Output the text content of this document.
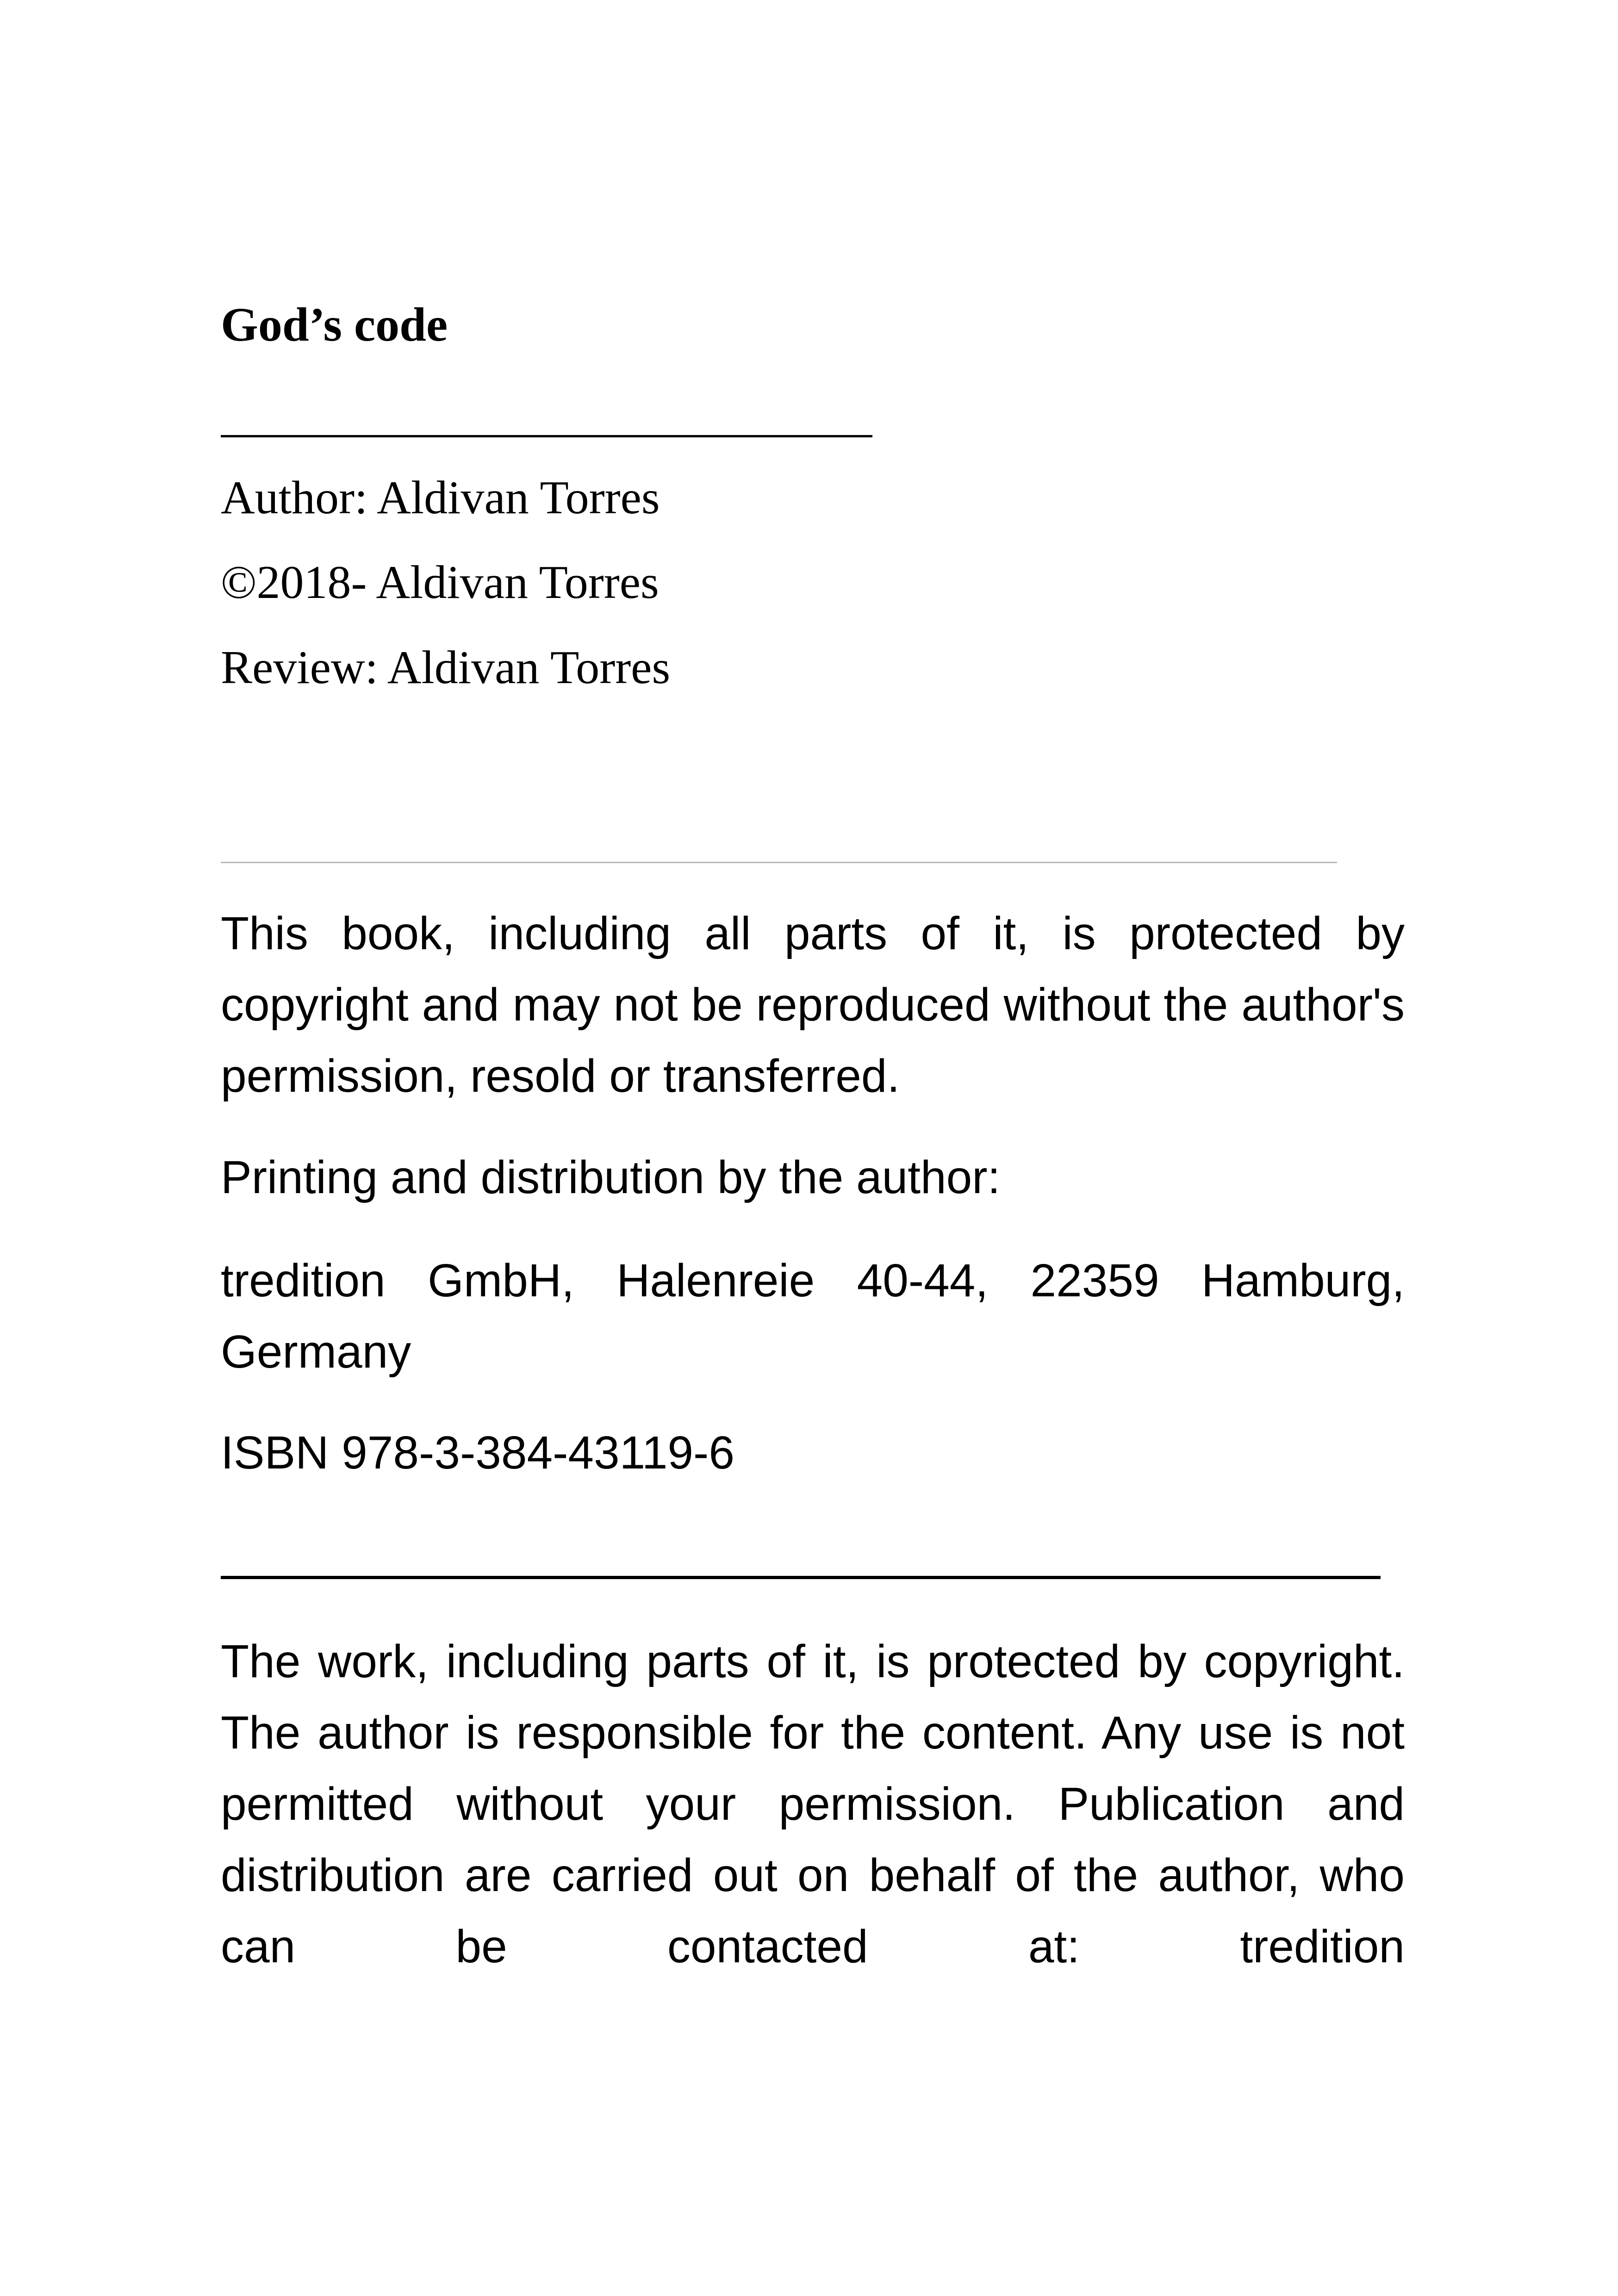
God’s code

Author: Aldivan Torres

©2018- Aldivan Torres

Review: Aldivan Torres

This book, including all parts of it, is protected by copyright and may not be reproduced without the author's permission, resold or transferred.

Printing and distribution by the author:

tredition GmbH, Halenreie 40-44, 22359 Hamburg, Germany

ISBN 978-3-384-43119-6

The work, including parts of it, is protected by copyright. The author is responsible for the content. Any use is not permitted without your permission. Publication and distribution are carried out on behalf of the author, who can be contacted at: tredition
